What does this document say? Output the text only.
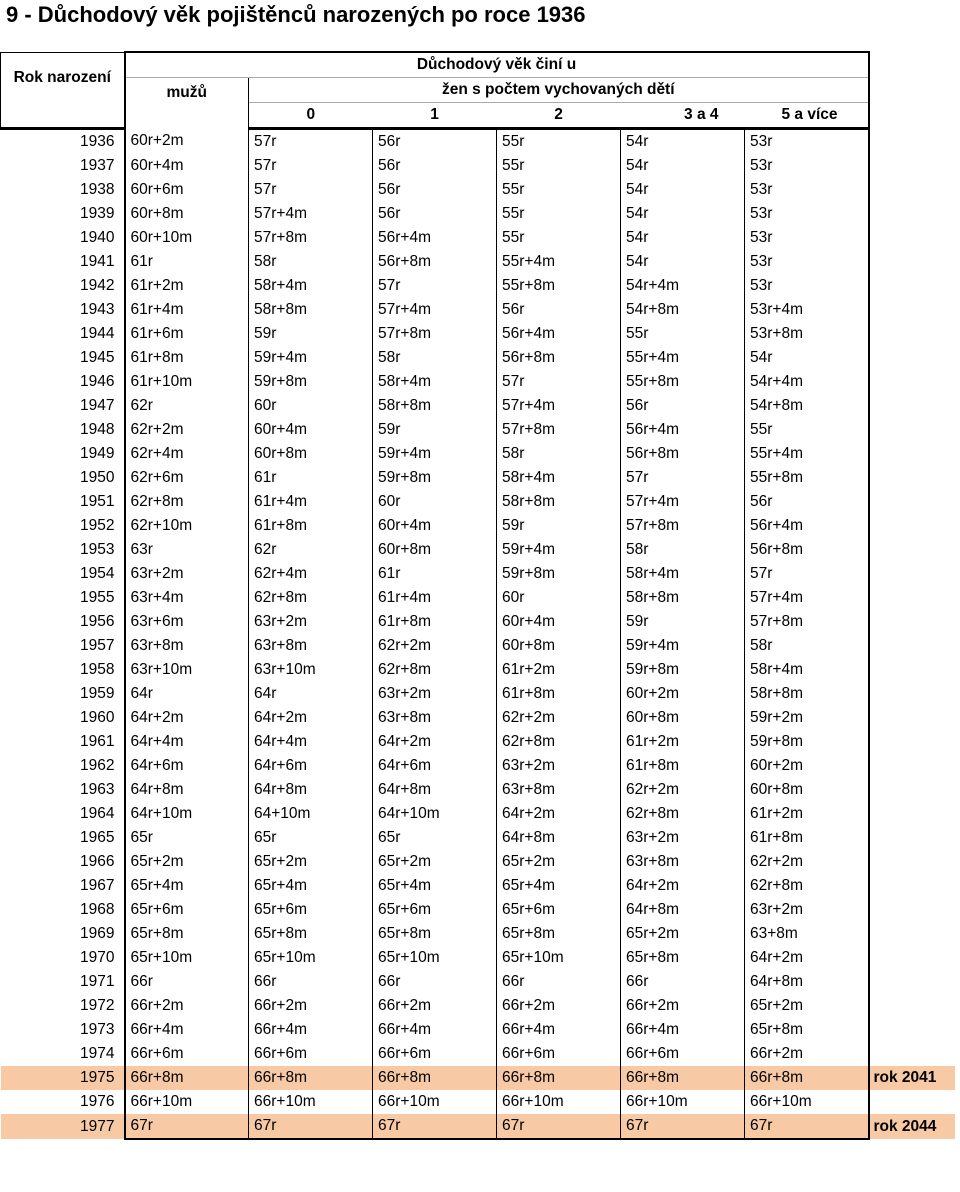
9 - Důchodový věk pojištěnců narozených po roce 1936
Rok narození	Důchodový věk činí u						
	mužů	žen s počtem vychovaných dětí					
		0	1	2	3 a 4	5 a více	
1936	60r+2m	57r	56r	55r	54r	53r	
1937	60r+4m	57r	56r	55r	54r	53r	
1938	60r+6m	57r	56r	55r	54r	53r	
1939	60r+8m	57r+4m	56r	55r	54r	53r	
1940	60r+10m	57r+8m	56r+4m	55r	54r	53r	
1941	61r	58r	56r+8m	55r+4m	54r	53r	
1942	61r+2m	58r+4m	57r	55r+8m	54r+4m	53r	
1943	61r+4m	58r+8m	57r+4m	56r	54r+8m	53r+4m	
1944	61r+6m	59r	57r+8m	56r+4m	55r	53r+8m	
1945	61r+8m	59r+4m	58r	56r+8m	55r+4m	54r	
1946	61r+10m	59r+8m	58r+4m	57r	55r+8m	54r+4m	
1947	62r	60r	58r+8m	57r+4m	56r	54r+8m	
1948	62r+2m	60r+4m	59r	57r+8m	56r+4m	55r	
1949	62r+4m	60r+8m	59r+4m	58r	56r+8m	55r+4m	
1950	62r+6m	61r	59r+8m	58r+4m	57r	55r+8m	
1951	62r+8m	61r+4m	60r	58r+8m	57r+4m	56r	
1952	62r+10m	61r+8m	60r+4m	59r	57r+8m	56r+4m	
1953	63r	62r	60r+8m	59r+4m	58r	56r+8m	
1954	63r+2m	62r+4m	61r	59r+8m	58r+4m	57r	
1955	63r+4m	62r+8m	61r+4m	60r	58r+8m	57r+4m	
1956	63r+6m	63r+2m	61r+8m	60r+4m	59r	57r+8m	
1957	63r+8m	63r+8m	62r+2m	60r+8m	59r+4m	58r	
1958	63r+10m	63r+10m	62r+8m	61r+2m	59r+8m	58r+4m	
1959	64r	64r	63r+2m	61r+8m	60r+2m	58r+8m	
1960	64r+2m	64r+2m	63r+8m	62r+2m	60r+8m	59r+2m	
1961	64r+4m	64r+4m	64r+2m	62r+8m	61r+2m	59r+8m	
1962	64r+6m	64r+6m	64r+6m	63r+2m	61r+8m	60r+2m	
1963	64r+8m	64r+8m	64r+8m	63r+8m	62r+2m	60r+8m	
1964	64r+10m	64+10m	64r+10m	64r+2m	62r+8m	61r+2m	
1965	65r	65r	65r	64r+8m	63r+2m	61r+8m	
1966	65r+2m	65r+2m	65r+2m	65r+2m	63r+8m	62r+2m	
1967	65r+4m	65r+4m	65r+4m	65r+4m	64r+2m	62r+8m	
1968	65r+6m	65r+6m	65r+6m	65r+6m	64r+8m	63r+2m	
1969	65r+8m	65r+8m	65r+8m	65r+8m	65r+2m	63+8m	
1970	65r+10m	65r+10m	65r+10m	65r+10m	65r+8m	64r+2m	
1971	66r	66r	66r	66r	66r	64r+8m	
1972	66r+2m	66r+2m	66r+2m	66r+2m	66r+2m	65r+2m	
1973	66r+4m	66r+4m	66r+4m	66r+4m	66r+4m	65r+8m	
1974	66r+6m	66r+6m	66r+6m	66r+6m	66r+6m	66r+2m	
1975	66r+8m	66r+8m	66r+8m	66r+8m	66r+8m	66r+8m	rok 2041
1976	66r+10m	66r+10m	66r+10m	66r+10m	66r+10m	66r+10m	
1977	67r	67r	67r	67r	67r	67r	rok 2044
